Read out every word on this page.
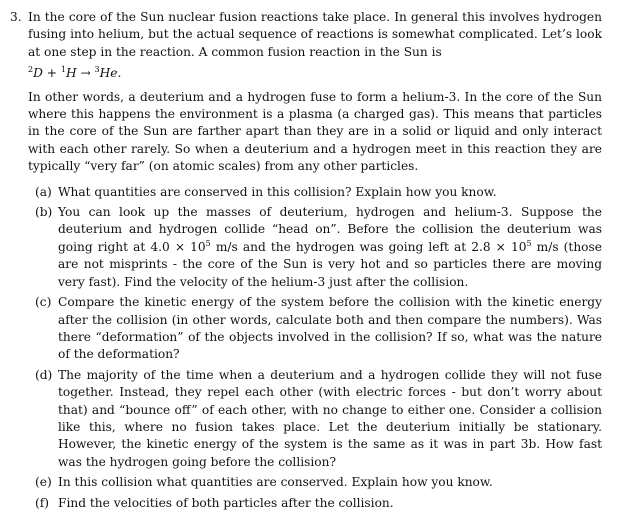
3. In the core of the Sun nuclear fusion reactions take place. In general this involves hydrogen fusing into helium, but the actual sequence of reactions is somewhat complicated. Let’s look at one step in the reaction. A common fusion reaction in the Sun is

$^2$D + $^1$H → $^3$He.

In other words, a deuterium and a hydrogen fuse to form a helium-3. In the core of the Sun where this happens the environment is a plasma (a charged gas). This means that particles in the core of the Sun are farther apart than they are in a solid or liquid and only interact with each other rarely. So when a deuterium and a hydrogen meet in this reaction they are typically “very far” (on atomic scales) from any other particles.

(a) What quantities are conserved in this collision? Explain how you know.
(b) You can look up the masses of deuterium, hydrogen and helium-3. Suppose the deuterium and hydrogen collide “head on”. Before the collision the deuterium was going right at $4.0 \times 10^5$ m/s and the hydrogen was going left at $2.8 \times 10^5$ m/s (those are not misprints - the core of the Sun is very hot and so particles there are moving very fast). Find the velocity of the helium-3 just after the collision.
(c) Compare the kinetic energy of the system before the collision with the kinetic energy after the collision (in other words, calculate both and then compare the numbers). Was there “deformation” of the objects involved in the collision? If so, what was the nature of the deformation?
(d) The majority of the time when a deuterium and a hydrogen collide they will not fuse together. Instead, they repel each other (with electric forces - but don’t worry about that) and “bounce off” of each other, with no change to either one. Consider a collision like this, where no fusion takes place. Let the deuterium initially be stationary. However, the kinetic energy of the system is the same as it was in part 3b. How fast was the hydrogen going before the collision?
(e) In this collision what quantities are conserved. Explain how you know.
(f) Find the velocities of both particles after the collision.
